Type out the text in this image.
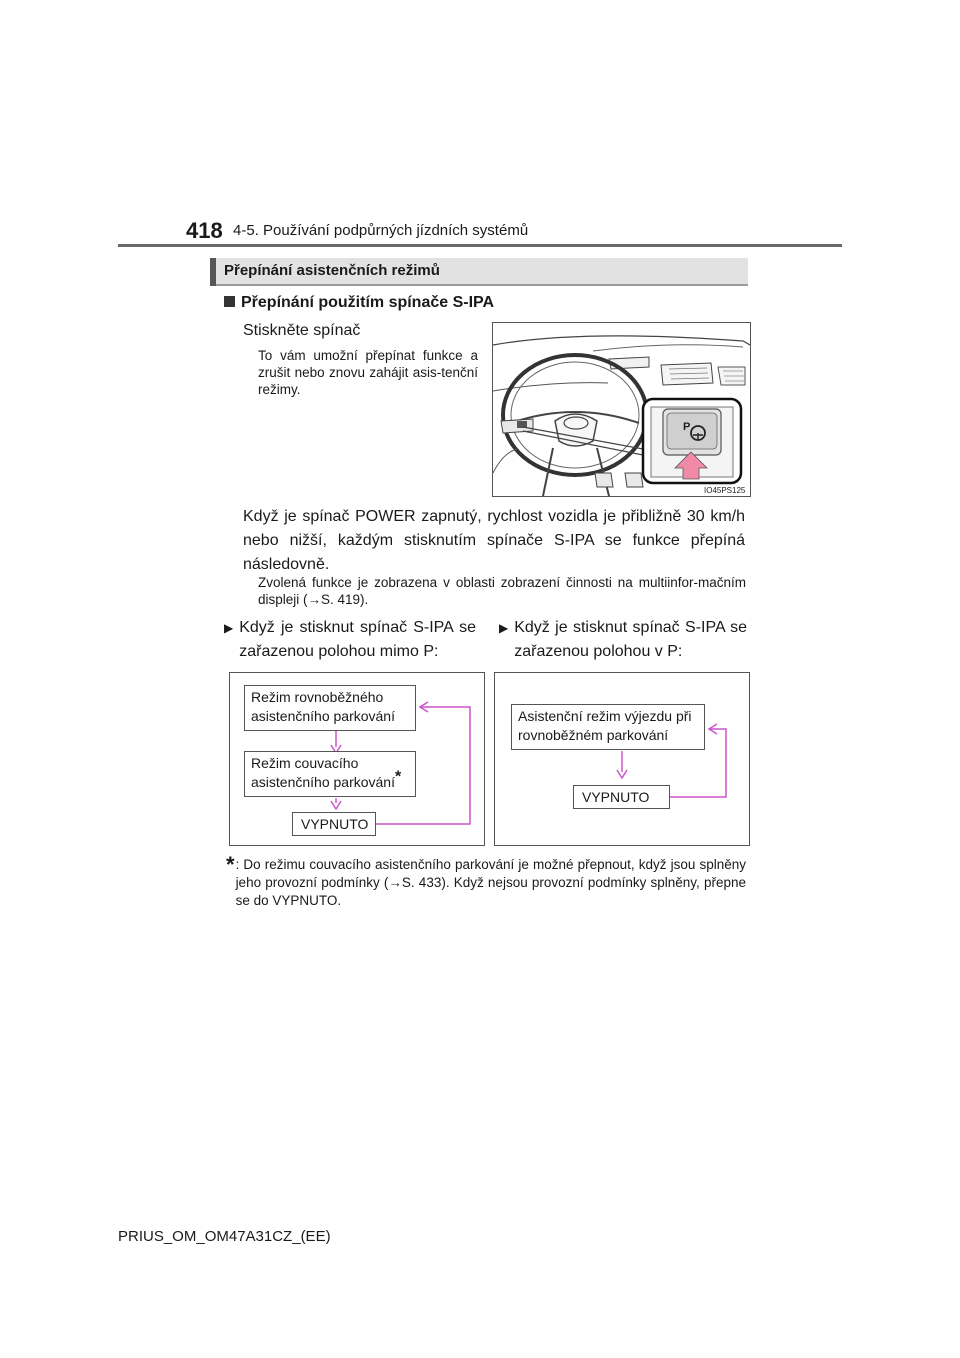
418 4-5. Používání podpůrných jízdních systémů
Přepínání asistenčních režimů
Přepínání použitím spínače S-IPA
Stiskněte spínač
To vám umožní přepínat funkce a zrušit nebo znovu zahájit asis-tenční režimy.
P
IO45PS125
Když je spínač POWER zapnutý, rychlost vozidla je přibližně 30 km/h nebo nižší, každým stisknutím spínače S-IPA se funkce přepíná následovně.
Zvolená funkce je zobrazena v oblasti zobrazení činnosti na multiinfor-mačním displeji (→S. 419).
▶ Když je stisknut spínač S-IPA se zařazenou polohou mimo P:
▶ Když je stisknut spínač S-IPA se zařazenou polohou v P:
Režim rovnoběžného asistenčního parkování
Režim couvacího asistenčního parkování*
VYPNUTO
Asistenční režim výjezdu při rovnoběžném parkování
VYPNUTO
* : Do režimu couvacího asistenčního parkování je možné přepnout, když jsou splněny jeho provozní podmínky (→S. 433). Když nejsou provozní podmínky splněny, přepne se do VYPNUTO.
PRIUS_OM_OM47A31CZ_(EE)
